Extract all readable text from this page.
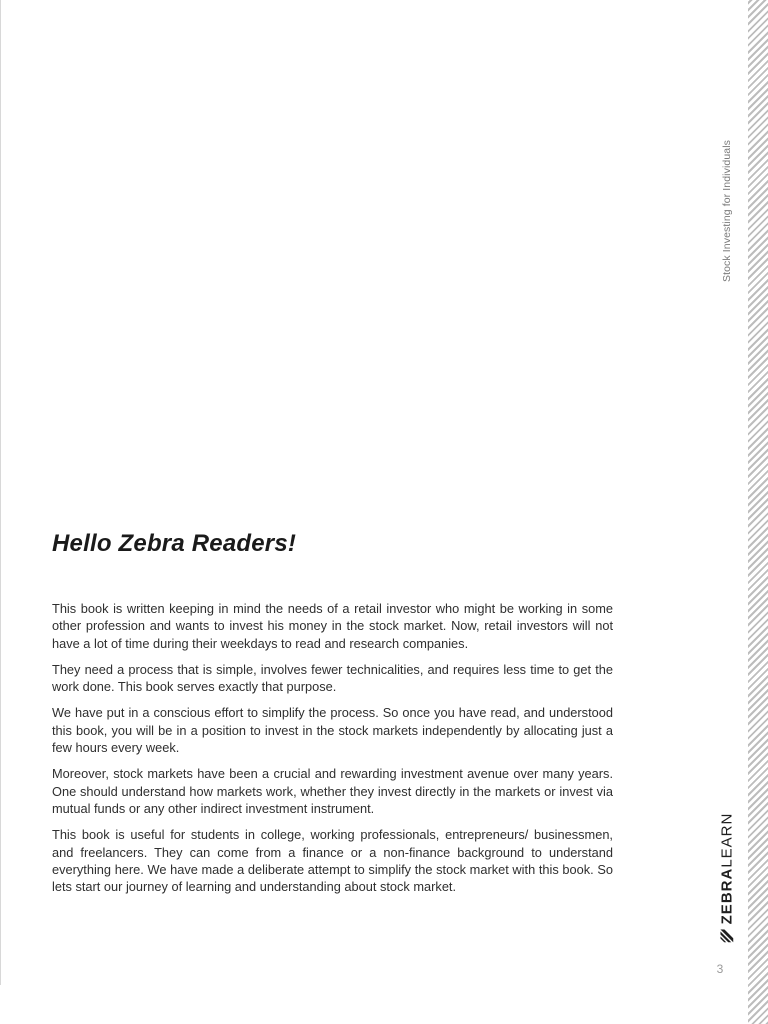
Stock Investing for Individuals
ZEBRA
LEARN
3
Hello Zebra Readers!

This book is written keeping in mind the needs of a retail investor who might be working in some other profession and wants to invest his money in the stock market. Now, retail investors will not have a lot of time during their weekdays to read and research companies.

They need a process that is simple, involves fewer technicalities, and requires less time to get the work done. This book serves exactly that purpose.

We have put in a conscious effort to simplify the process. So once you have read, and understood this book, you will be in a position to invest in the stock markets independently by allocating just a few hours every week.

Moreover, stock markets have been a crucial and rewarding investment avenue over many years. One should understand how markets work, whether they invest directly in the markets or invest via mutual funds or any other indirect investment instrument.

This book is useful for students in college, working professionals, entrepreneurs/ businessmen, and freelancers. They can come from a finance or a non-finance background to understand everything here. We have made a deliberate attempt to simplify the stock market with this book. So lets start our journey of learning and understanding about stock market.
